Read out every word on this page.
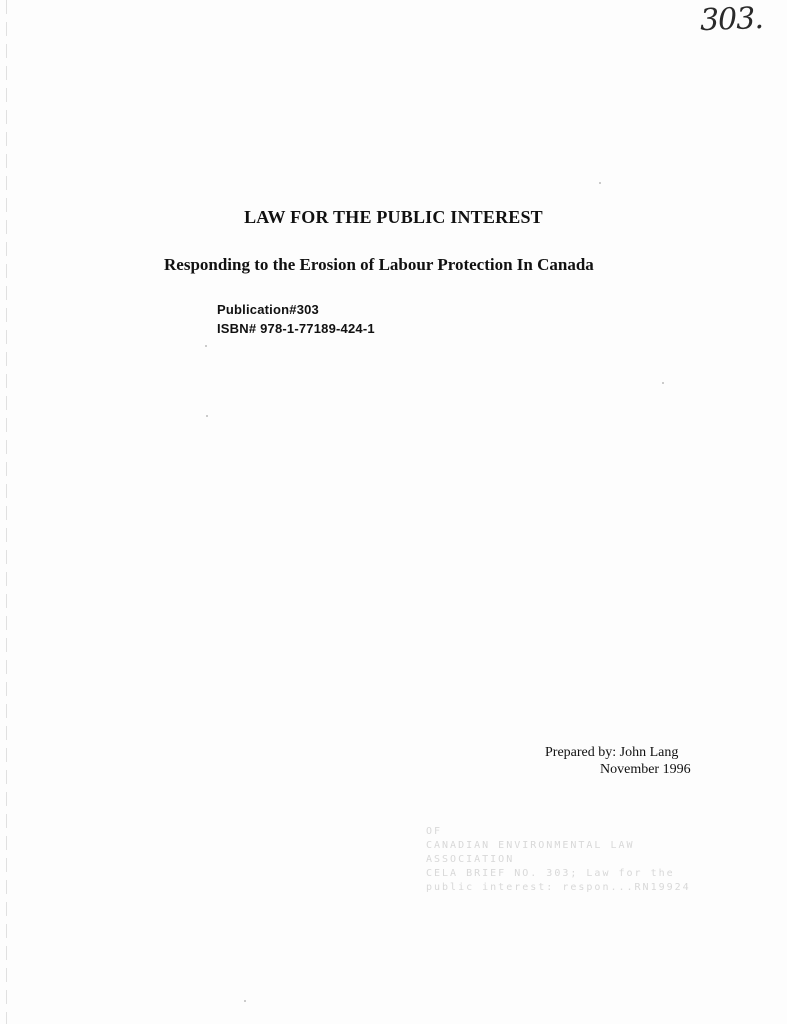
303.
LAW FOR THE PUBLIC INTEREST
Responding to the Erosion of Labour Protection In Canada
Publication#303
ISBN# 978-1-77189-424-1
Prepared by: John Lang
November 1996
OF
CANADIAN ENVIRONMENTAL LAW
ASSOCIATION
CELA BRIEF NO. 303; Law for the
public interest: respon...RN19924
